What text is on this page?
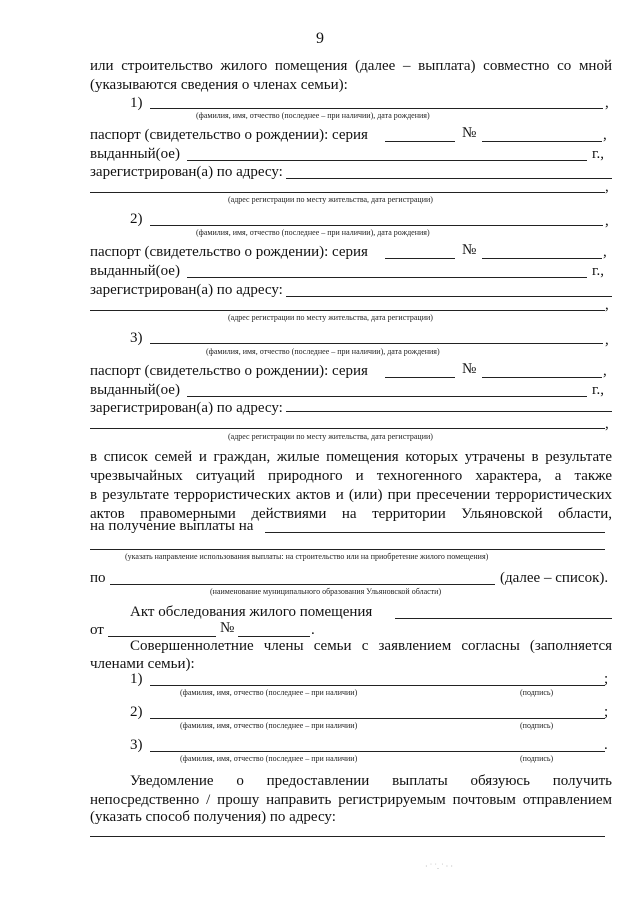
9
или строительство жилого помещения (далее – выплата) совместно со мной
(указываются сведения о членах семьи):
1)	,
(фамилия, имя, отчество (последнее – при наличии), дата рождения)
паспорт (свидетельство о рождении): серия	№	,
выданный(ое)	г.,
зарегистрирован(а) по адресу:
,
(адрес регистрации по месту жительства, дата регистрации)
2)	,
(фамилия, имя, отчество (последнее – при наличии), дата рождения)
паспорт (свидетельство о рождении): серия	№	,
выданный(ое)	г.,
зарегистрирован(а) по адресу:
,
(адрес регистрации по месту жительства, дата регистрации)
3)	,
(фамилия, имя, отчество (последнее – при наличии), дата рождения)
паспорт (свидетельство о рождении): серия	№	,
выданный(ое)	г.,
зарегистрирован(а) по адресу:
,
(адрес регистрации по месту жительства, дата регистрации)
в список семей и граждан, жилые помещения которых утрачены в результате
чрезвычайных ситуаций природного и техногенного характера, а также
в результате террористических актов и (или) при пресечении террористических
актов правомерными действиями на территории Ульяновской области,
на получение выплаты на
(указать направление использования выплаты: на строительство или на приобретение жилого помещения)
по	(далее – список).
(наименование муниципального образования Ульяновской области)
Акт обследования жилого помещения
от	№	.
Совершеннолетние члены семьи с заявлением согласны (заполняется
членами семьи):
1)	;
(фамилия, имя, отчество (последнее – при наличии)	(подпись)
2)	;
(фамилия, имя, отчество (последнее – при наличии)	(подпись)
3)	.
(фамилия, имя, отчество (последнее – при наличии)	(подпись)
Уведомление о предоставлении выплаты обязуюсь получить
непосредственно / прошу направить регистрируемым почтовым отправлением
(указать способ получения) по адресу:
· ˙ ˙. ˙ · ·
